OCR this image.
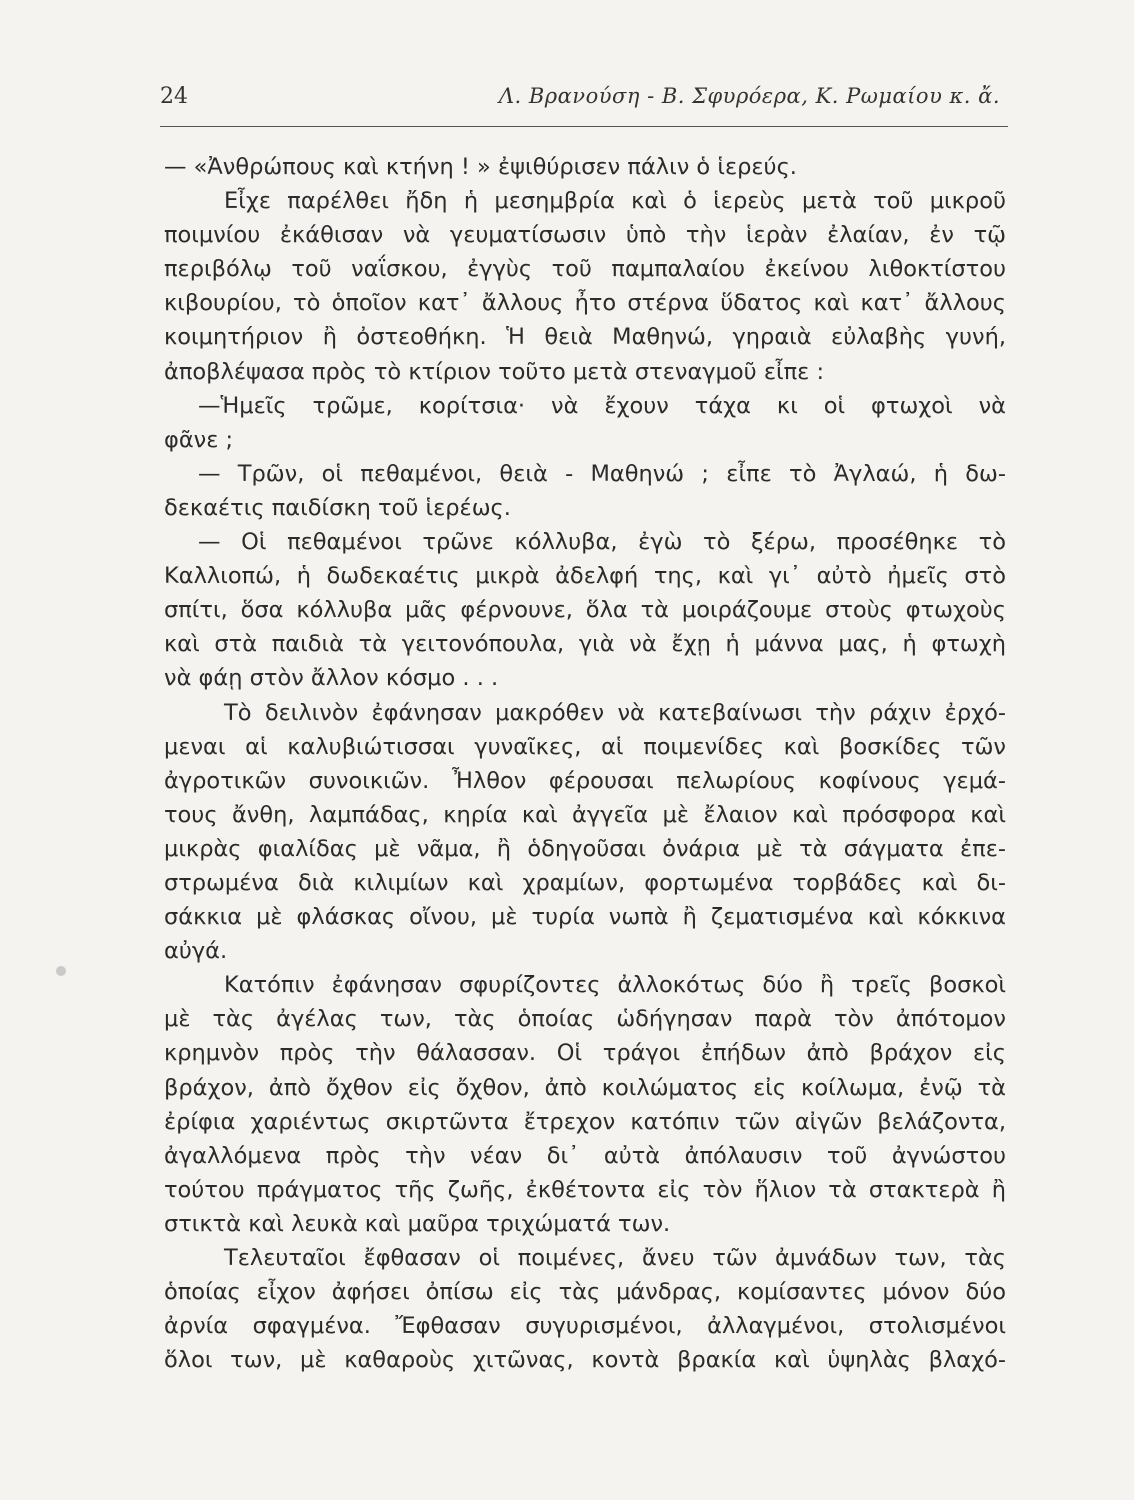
24	Λ. Βρανούση - Β. Σφυρόερα, Κ. Ρωμαίου κ. ἄ.
— «Ἀνθρώπους καὶ κτήνη ! » ἐψιθύρισεν πάλιν ὁ ἱερεύς.
Εἶχε παρέλθει ἤδη ἡ μεσημβρία καὶ ὁ ἱερεὺς μετὰ τοῦ μικροῦ
ποιμνίου ἐκάθισαν νὰ γευματίσωσιν ὑπὸ τὴν ἱερὰν ἐλαίαν, ἐν τῷ
περιβόλῳ τοῦ ναΐσκου, ἐγγὺς τοῦ παμπαλαίου ἐκείνου λιθοκτίστου
κιβουρίου, τὸ ὁποῖον κατ᾿ ἄλλους ἦτο στέρνα ὕδατος καὶ κατ᾿ ἄλλους
κοιμητήριον ἢ ὀστεοθήκη. Ἡ θειὰ Μαθηνώ, γηραιὰ εὐλαβὴς γυνή,
ἀποβλέψασα πρὸς τὸ κτίριον τοῦτο μετὰ στεναγμοῦ εἶπε :
—Ἡμεῖς τρῶμε, κορίτσια· νὰ ἔχουν τάχα κι οἱ φτωχοὶ νὰ
φᾶνε ;
— Τρῶν, οἱ πεθαμένοι, θειὰ - Μαθηνώ ; εἶπε τὸ Ἀγλαώ, ἡ δω-
δεκαέτις παιδίσκη τοῦ ἱερέως.
— Οἱ πεθαμένοι τρῶνε κόλλυβα, ἐγὼ τὸ ξέρω, προσέθηκε τὸ
Καλλιοπώ, ἡ δωδεκαέτις μικρὰ ἀδελφή της, καὶ γι᾿ αὐτὸ ἠμεῖς στὸ
σπίτι, ὅσα κόλλυβα μᾶς φέρνουνε, ὅλα τὰ μοιράζουμε στοὺς φτωχοὺς
καὶ στὰ παιδιὰ τὰ γειτονόπουλα, γιὰ νὰ ἔχῃ ἡ μάννα μας, ἡ φτωχὴ
νὰ φάῃ στὸν ἄλλον κόσμο . . .
Τὸ δειλινὸν ἐφάνησαν μακρόθεν νὰ κατεβαίνωσι τὴν ράχιν ἐρχό-
μεναι αἱ καλυβιώτισσαι γυναῖκες, αἱ ποιμενίδες καὶ βοσκίδες τῶν
ἀγροτικῶν συνοικιῶν. Ἦλθον φέρουσαι πελωρίους κοφίνους γεμά-
τους ἄνθη, λαμπάδας, κηρία καὶ ἀγγεῖα μὲ ἔλαιον καὶ πρόσφορα καὶ
μικρὰς φιαλίδας μὲ νᾶμα, ἢ ὁδηγοῦσαι ὀνάρια μὲ τὰ σάγματα ἐπε-
στρωμένα διὰ κιλιμίων καὶ χραμίων, φορτωμένα τορβάδες καὶ δι-
σάκκια μὲ φλάσκας οἴνου, μὲ τυρία νωπὰ ἢ ζεματισμένα καὶ κόκκινα
αὐγά.
Κατόπιν ἐφάνησαν σφυρίζοντες ἀλλοκότως δύο ἢ τρεῖς βοσκοὶ
μὲ τὰς ἀγέλας των, τὰς ὁποίας ὡδήγησαν παρὰ τὸν ἀπότομον
κρημνὸν πρὸς τὴν θάλασσαν. Οἱ τράγοι ἐπήδων ἀπὸ βράχον εἰς
βράχον, ἀπὸ ὄχθον εἰς ὄχθον, ἀπὸ κοιλώματος εἰς κοίλωμα, ἐνῷ τὰ
ἐρίφια χαριέντως σκιρτῶντα ἔτρεχον κατόπιν τῶν αἰγῶν βελάζοντα,
ἀγαλλόμενα πρὸς τὴν νέαν δι᾿ αὐτὰ ἀπόλαυσιν τοῦ ἀγνώστου
τούτου πράγματος τῆς ζωῆς, ἐκθέτοντα εἰς τὸν ἥλιον τὰ στακτερὰ ἢ
στικτὰ καὶ λευκὰ καὶ μαῦρα τριχώματά των.
Τελευταῖοι ἔφθασαν οἱ ποιμένες, ἄνευ τῶν ἀμνάδων των, τὰς
ὁποίας εἶχον ἀφήσει ὀπίσω εἰς τὰς μάνδρας, κομίσαντες μόνον δύο
ἀρνία σφαγμένα. Ἔφθασαν συγυρισμένοι, ἀλλαγμένοι, στολισμένοι
ὅλοι των, μὲ καθαροὺς χιτῶνας, κοντὰ βρακία καὶ ὑψηλὰς βλαχό-
